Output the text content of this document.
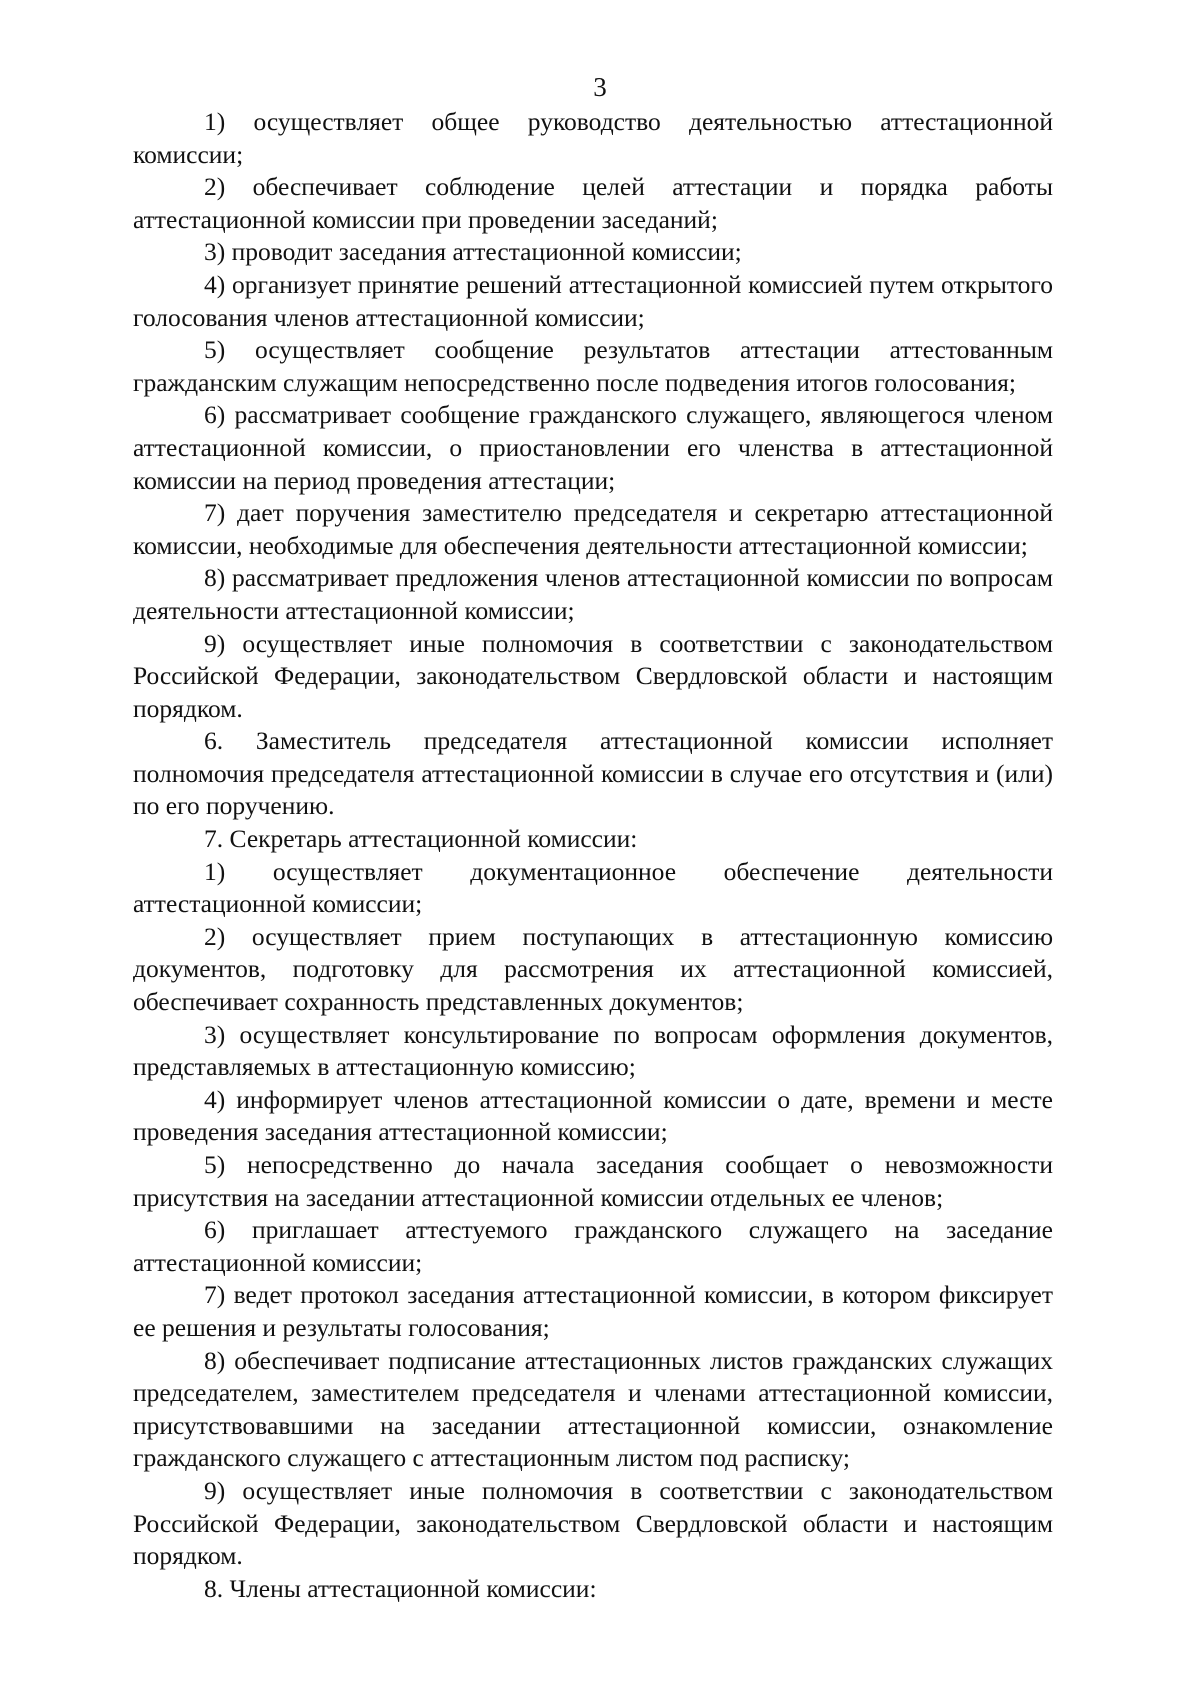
3

1) осуществляет общее руководство деятельностью аттестационной комиссии;

2) обеспечивает соблюдение целей аттестации и порядка работы аттестационной комиссии при проведении заседаний;

3) проводит заседания аттестационной комиссии;

4) организует принятие решений аттестационной комиссией путем открытого голосования членов аттестационной комиссии;

5) осуществляет сообщение результатов аттестации аттестованным гражданским служащим непосредственно после подведения итогов голосования;

6) рассматривает сообщение гражданского служащего, являющегося членом аттестационной комиссии, о приостановлении его членства в аттестационной комиссии на период проведения аттестации;

7) дает поручения заместителю председателя и секретарю аттестационной комиссии, необходимые для обеспечения деятельности аттестационной комиссии;

8) рассматривает предложения членов аттестационной комиссии по вопросам деятельности аттестационной комиссии;

9) осуществляет иные полномочия в соответствии с законодательством Российской Федерации, законодательством Свердловской области и настоящим порядком.

6. Заместитель председателя аттестационной комиссии исполняет полномочия председателя аттестационной комиссии в случае его отсутствия и (или) по его поручению.

7. Секретарь аттестационной комиссии:

1) осуществляет документационное обеспечение деятельности аттестационной комиссии;

2) осуществляет прием поступающих в аттестационную комиссию документов, подготовку для рассмотрения их аттестационной комиссией, обеспечивает сохранность представленных документов;

3) осуществляет консультирование по вопросам оформления документов, представляемых в аттестационную комиссию;

4) информирует членов аттестационной комиссии о дате, времени и месте проведения заседания аттестационной комиссии;

5) непосредственно до начала заседания сообщает о невозможности присутствия на заседании аттестационной комиссии отдельных ее членов;

6) приглашает аттестуемого гражданского служащего на заседание аттестационной комиссии;

7) ведет протокол заседания аттестационной комиссии, в котором фиксирует ее решения и результаты голосования;

8) обеспечивает подписание аттестационных листов гражданских служащих председателем, заместителем председателя и членами аттестационной комиссии, присутствовавшими на заседании аттестационной комиссии, ознакомление гражданского служащего с аттестационным листом под расписку;

9) осуществляет иные полномочия в соответствии с законодательством Российской Федерации, законодательством Свердловской области и настоящим порядком.

8. Члены аттестационной комиссии:
